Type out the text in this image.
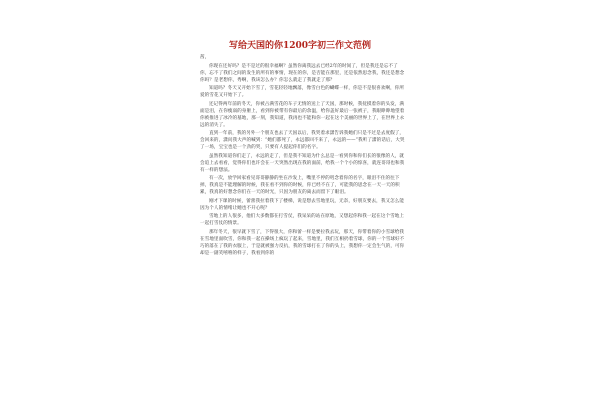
写给天国的你1200字初三作文范例

茜，

你现在还好吗？是不是过的很幸福啊？虽然你离我远去已经2年的时间了，但是我还是忘不了你，忘不了我们之间的发生的所有的事情，现在的你，是否能在那里，还是依然思念我，我还是想念你吗？是老想你，秀啊，我该怎么办？你怎么就走了我就走了那？

知道吗？冬天又开始下雪了，雪花轻轻地飘落，像雪白色的蝴蝶一样，你是不是很喜欢啊，你所爱的雪花又开始下了。

还记得两年前的冬天，你被占满雪花的车子无情的送上了天国，那时候，我抚摸着你的头发，满面是泪，在你瘦弱的身躯上，看到你被带有你最后的余温，给你盖好最后一张被子，我眼睁睁地望着你被推进了冰冷的墓地，那一刻，我知道，我再也不能和你一起在这个美丽的世界上了，在世界上永远的消失了。

直到一年前，我的另外一个朋友也去了天国以后，我哭着求潇告诉我她们只是不过是去度假了，会回来的，潇问我大声的喊到：“她们都死了，永远都回不来了，永远的——”我听了潇的话后，大哭了一场，宝宝也是一个劲的哭，只要有人提起你们的名字。

虽然我知道你们走了，永远的走了，但是我不知道为什么总是一看到你和你们长的很像的人，就会追上去看看，觉得你们也许会在一天突然出现在我的面前，给我一个个小的惊喜，就连哥哥也和我有一样的想法。

有一次，放学回家看见哥哥静静的坐在沙发上，嘴里不停的叨念着你的名字，眼泪不住的往下掉，我真是不能理解的时候，我在看不到你的时候，你已经不在了，可能我的思念在一天一天的积累，我真的好想念你们在一天的时光，只因为朋友的离去而留下了眼泪。

刚才下课的时候，蕾蕾我拉着我下了楼梯，说是想去雪地里玩，无奈，好朋友要去，我又怎么能因为个人的情绪让她也不开心呢？

雪地上的人很多，他们大多数都在打雪仗，我呆呆的站在原地，又想起你和我一起在这个雪地上一起打雪仗的情景。

那年冬天，很早就下雪了，下得很大，你和蕾一样是要拉我去玩，那天，你带着你的小雪球给我在雪地里面吹雪，你和我一起在操场上疯玩了起来，雪地里，我们互相扔着雪球，你的一个雪球好不巧的落在了我的衣服上，于是就被强力反抗，我的雪球打在了你的头上，我想你一定会生气的，可你却是一副笑嘻嘻的样子，我看到你的
